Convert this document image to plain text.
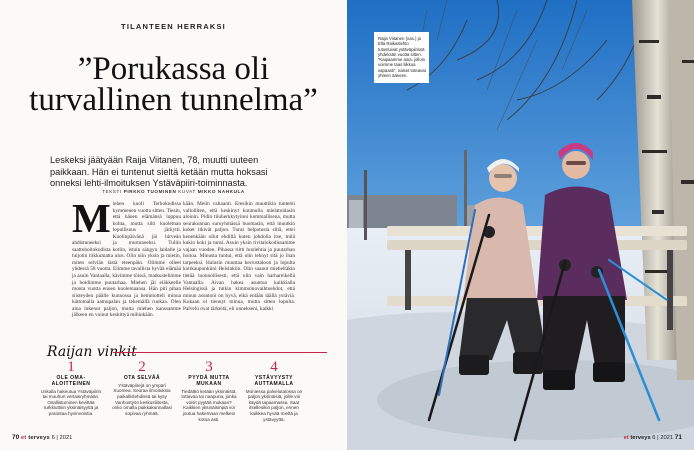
TILANTEEN HERRAKSI
”Porukassa oli turvallinen tunnelma”

Leskeksi jäätyään Raija Viitanen, 78, muutti uuteen paikkaan. Hän ei tuntenut sieltä ketään mutta hoksasi onneksi lehti-ilmoituksen Ystäväpiiri-toiminnasta.

TEKSTI PIRKKO TUOMINEN KUVAT MIKKO NAHKULA
M iehen kuoli Terhokodissa kymmenen vuotta sitten. Tiesin, että hänen elämänsä loppuu kohta, mutta silti kuoleman lopullisuus järkytti. Kuolinpäivänä jäi hirveän ahdistuneeksi ja murtuneeksi. Tuliin saattohoitokodista kotiin, istuin sängyn laidalle ja tuijotin liikkumatta ulos. Olin niin yksin ja mietin, miten selviän tästä eteenpäin. Olimme olleet yhdessä 58 vuotta. Elimme tavallista hyvää elämää ja asuin Vantaalla, kävimme töissä, matkustelimme ja hoidimme puutarhaa. Miehen jäi eläkkeelle monta vuotta ennen kuolemaansa. Hän piti pihan siisteyden päälle kunnossa ja hemmotteli minua kättomalla aamupalan ja tekemällä ruokaa. Olen aina lukenut paljon, mutta miehen kanssamme jälkeen en voinut keskittyä mihinkään.
kään. Meiin valtaanti. Eresikin muuttikin tuntemi vallolliten, että keskinyt kuumulla mielatoidasin aloinin. Pidin tiiuherkkytyinni kummallisena, mutta seurakunnan suruyhmässä huomasin, että muutkin koket itkivät paljon. Tunsi helpotusta siitä, ettei kenenkään ollut ehdillä kuten johdolla itse, mitä kukin koki ja tunsi. Asuin yksin rivitalokodissamme vajaan vuoden. Pihassa riitti huolehtia ja puutarhan hoitoa. Minusta tuntui, että olin tehnyt sitä jo ihan tarpeeksi. Halusin muuttaa kerrostaloon ja lopulta kotikaupunkiini Helsinkiin. Olin saanut mieheltäkin tietää luonnollisesti, että olin vain harhareikellä Vantaalla. Aivan hakea asuntoa kaikkialla Helsingissä ja tutkin kimmoinovaihtoehdot, että minun asuntoni on hyvä, eikä entään täällä ystäviä. Kukaan ei tiennyt minua, mutta sitten lopulta. Palvelu ovat tärkeitä, eli onnekseni, kaikki
Raijan vinkit
1
OLE OMA-ALOITTEINEN
Uskalla hakeutua Ystäväpiirin tai muuhun vertaisryhmään. Osallistuminen kevittää turkkiuttsin yksinäisyyttä ja parantaa hyvinvointia.
2
OTA SELVÄÄ
Ystäväpiirejä on ympäri Suomea. Seuraa ilmoituksia paikallislehdissä tai kysy Vanhustyön keskusliitosta, onko omalla paikkakunnallasi sopivaa ryhmää.
3
PYYDÄ MUTTA MUKAAN
Tiedätkö ketään yksinäistä, tottavaa tai naapuria, jonka voisit pyytää mukaan? Kaikkien yksinäisinpiä voi joutua hakemaan melkein kotoa asti.
4
YSTÄVYYSTY AUTTAMALLA
Moniessa palvelutalossa on paljon yksinäisiä, joille voi käydä tapaamassa. Saat itsellesikin paljon, ennen kaikkea hyvää mieltä ja ystävyyttä.
70 et terveys 6 | 2021
Raija Viitanen (vas.) ja Ella Raikaslehto tutustuivat ystäväpiirissä yhdeksän vuotta sitten. ”Kaipaamme aina, jolloin voimme taas liikkua vapaasti”, naiset toteavat yhteen ääneen.
et terveys 6 | 2021 71
